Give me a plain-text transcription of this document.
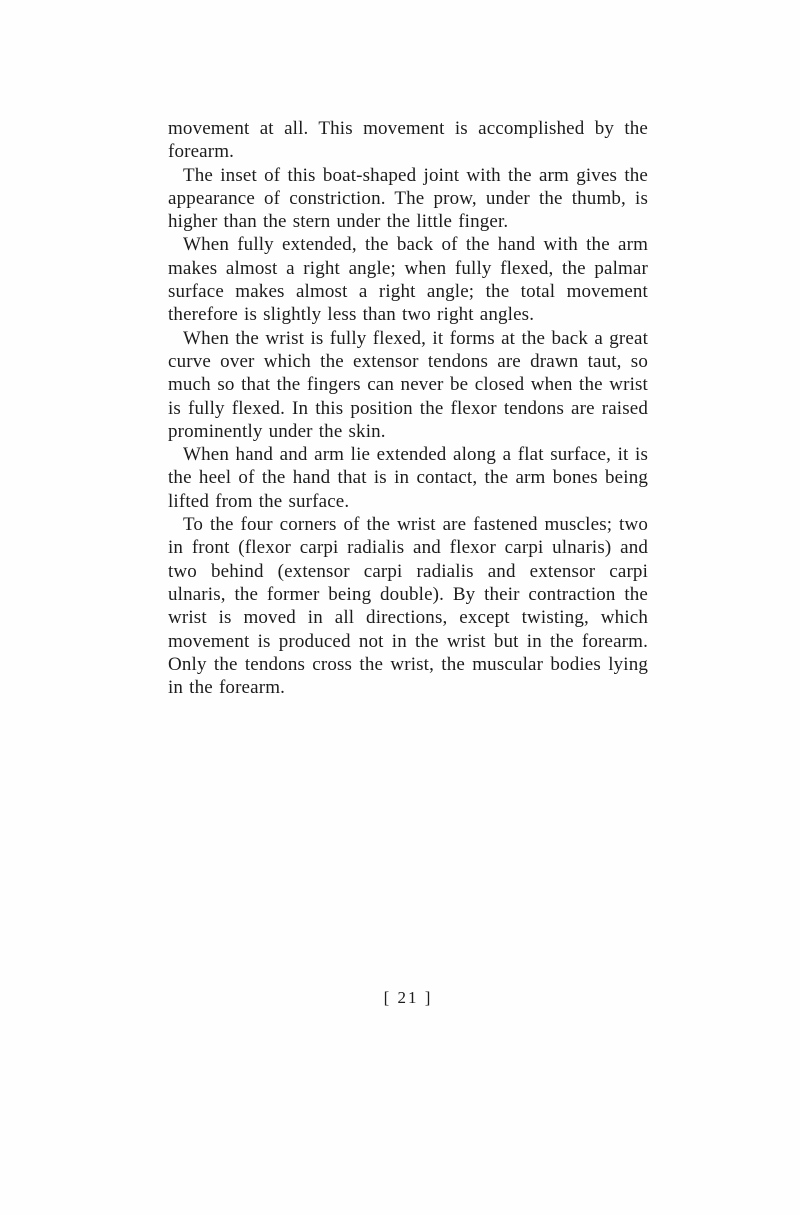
movement at all. This movement is accomplished by the forearm.

The inset of this boat-shaped joint with the arm gives the appearance of constriction. The prow, under the thumb, is higher than the stern under the little finger.

When fully extended, the back of the hand with the arm makes almost a right angle; when fully flexed, the palmar surface makes almost a right angle; the total movement therefore is slightly less than two right angles.

When the wrist is fully flexed, it forms at the back a great curve over which the extensor tendons are drawn taut, so much so that the fingers can never be closed when the wrist is fully flexed. In this position the flexor tendons are raised prominently under the skin.

When hand and arm lie extended along a flat surface, it is the heel of the hand that is in contact, the arm bones being lifted from the surface.

To the four corners of the wrist are fastened muscles; two in front (flexor carpi radialis and flexor carpi ulnaris) and two behind (extensor carpi radialis and extensor carpi ulnaris, the former being double). By their contraction the wrist is moved in all directions, except twisting, which movement is produced not in the wrist but in the forearm. Only the tendons cross the wrist, the muscular bodies lying in the forearm.

[ 21 ]
